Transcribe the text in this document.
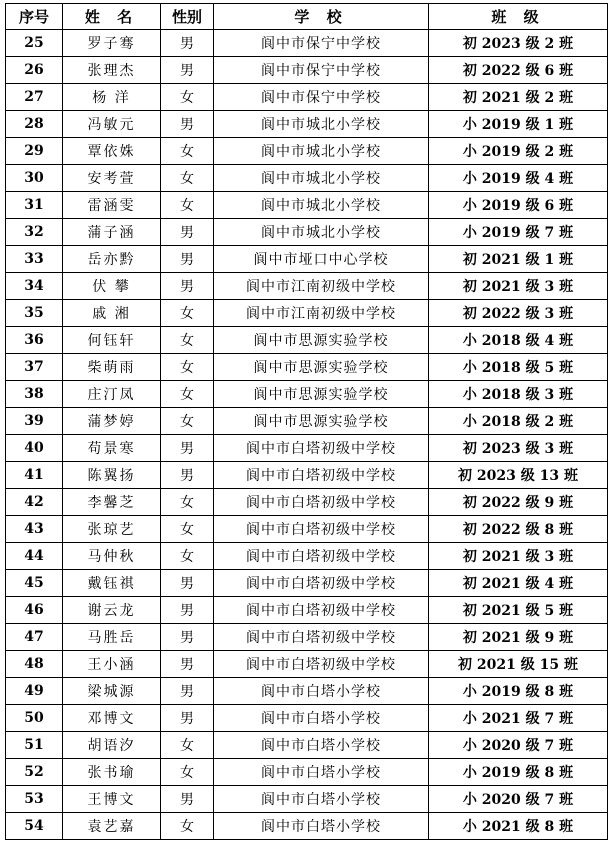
序号	姓 名	性别	学 校	班 级
25	罗子骞	男	阆中市保宁中学校	初 2023 级 2 班
26	张理杰	男	阆中市保宁中学校	初 2022 级 6 班
27	杨 洋	女	阆中市保宁中学校	初 2021 级 2 班
28	冯敏元	男	阆中市城北小学校	小 2019 级 1 班
29	覃依姝	女	阆中市城北小学校	小 2019 级 2 班
30	安考萱	女	阆中市城北小学校	小 2019 级 4 班
31	雷涵雯	女	阆中市城北小学校	小 2019 级 6 班
32	蒲子涵	男	阆中市城北小学校	小 2019 级 7 班
33	岳亦黔	男	阆中市垭口中心学校	初 2021 级 1 班
34	伏 攀	男	阆中市江南初级中学校	初 2021 级 3 班
35	戚 湘	女	阆中市江南初级中学校	初 2022 级 3 班
36	何钰轩	女	阆中市思源实验学校	小 2018 级 4 班
37	柴萌雨	女	阆中市思源实验学校	小 2018 级 5 班
38	庄汀凤	女	阆中市思源实验学校	小 2018 级 3 班
39	蒲梦婷	女	阆中市思源实验学校	小 2018 级 2 班
40	苟景寒	男	阆中市白塔初级中学校	初 2023 级 3 班
41	陈翼扬	男	阆中市白塔初级中学校	初 2023 级 13 班
42	李馨芝	女	阆中市白塔初级中学校	初 2022 级 9 班
43	张琼艺	女	阆中市白塔初级中学校	初 2022 级 8 班
44	马仲秋	女	阆中市白塔初级中学校	初 2021 级 3 班
45	戴钰祺	男	阆中市白塔初级中学校	初 2021 级 4 班
46	谢云龙	男	阆中市白塔初级中学校	初 2021 级 5 班
47	马胜岳	男	阆中市白塔初级中学校	初 2021 级 9 班
48	王小涵	男	阆中市白塔初级中学校	初 2021 级 15 班
49	梁城源	男	阆中市白塔小学校	小 2019 级 8 班
50	邓博文	男	阆中市白塔小学校	小 2021 级 7 班
51	胡语汐	女	阆中市白塔小学校	小 2020 级 7 班
52	张书瑜	女	阆中市白塔小学校	小 2019 级 8 班
53	王博文	男	阆中市白塔小学校	小 2020 级 7 班
54	袁艺嘉	女	阆中市白塔小学校	小 2021 级 8 班
